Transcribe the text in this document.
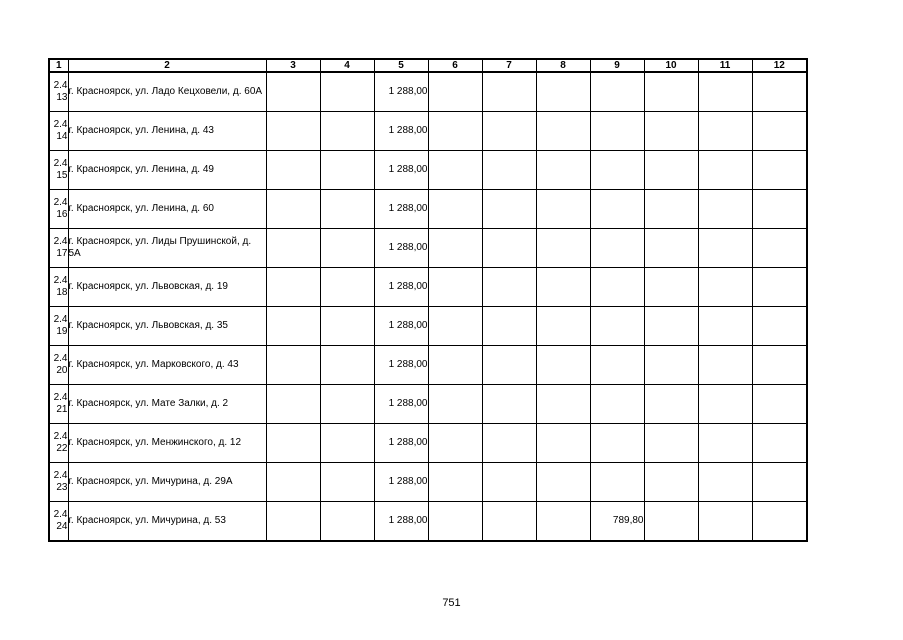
1	2	3	4	5	6	7	8	9	10	11	12
2.4 13	г. Красноярск, ул. Ладо Кецховели, д. 60А			1 288,00							
2.4 14	г. Красноярск, ул. Ленина, д. 43			1 288,00							
2.4 15	г. Красноярск, ул. Ленина, д. 49			1 288,00							
2.4 16	г. Красноярск, ул. Ленина, д. 60			1 288,00							
2.4 17	г. Красноярск, ул. Лиды Прушинской, д. 5А			1 288,00							
2.4 18	г. Красноярск, ул. Львовская, д. 19			1 288,00							
2.4 19	г. Красноярск, ул. Львовская, д. 35			1 288,00							
2.4 20	г. Красноярск, ул. Марковского, д. 43			1 288,00							
2.4 21	г. Красноярск, ул. Мате Залки, д. 2			1 288,00							
2.4 22	г. Красноярск, ул. Менжинского, д. 12			1 288,00							
2.4 23	г. Красноярск, ул. Мичурина, д. 29А			1 288,00							
2.4 24	г. Красноярск, ул. Мичурина, д. 53			1 288,00				789,80			
751
